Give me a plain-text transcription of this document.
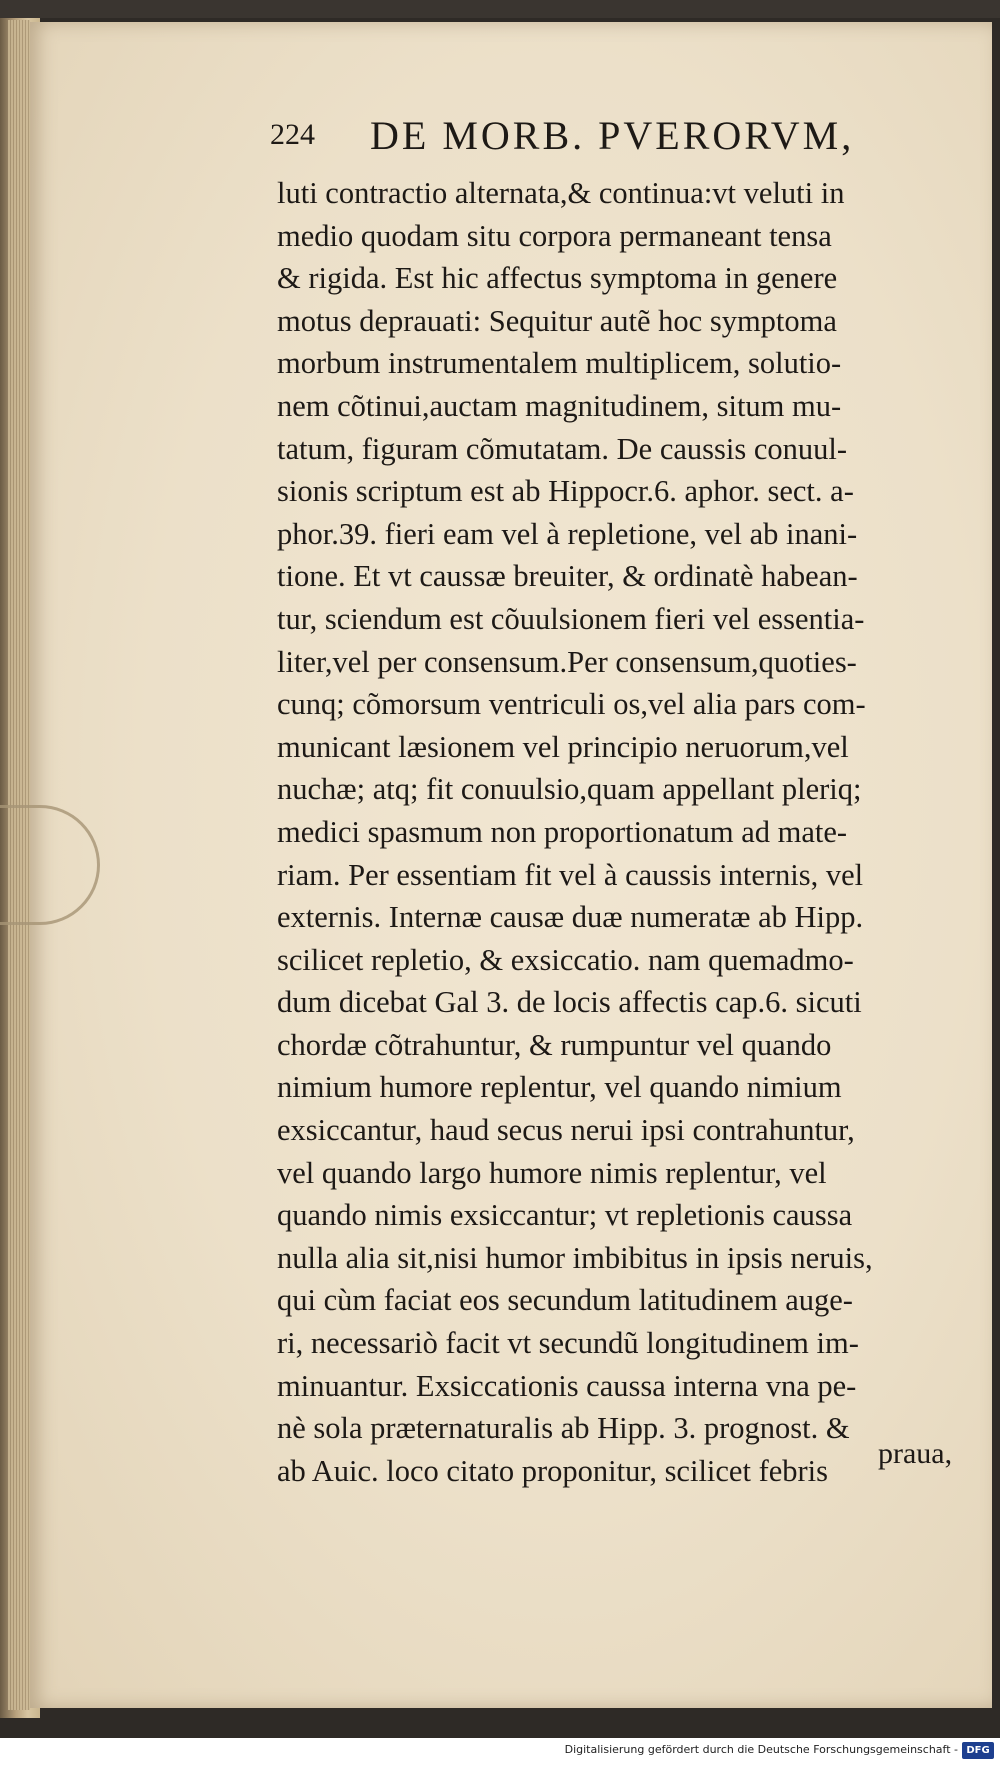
224 DE MORB. PVERORVM,
luti contractio alternata,& continua:vt veluti in
medio quodam situ corpora permaneant tensa
& rigida. Est hic affectus symptoma in genere
motus deprauati: Sequitur autẽ hoc symptoma
morbum instrumentalem multiplicem, solutio-
nem cõtinui,auctam magnitudinem, situm mu-
tatum, figuram cõmutatam. De caussis conuul-
sionis scriptum est ab Hippocr.6. aphor. sect. a-
phor.39. fieri eam vel à repletione, vel ab inani-
tione. Et vt caussæ breuiter, & ordinatè habean-
tur, sciendum est cõuulsionem fieri vel essentia-
liter,vel per consensum.Per consensum,quoties-
cunq; cõmorsum ventriculi os,vel alia pars com-
municant læsionem vel principio neruorum,vel
nuchæ; atq; fit conuulsio,quam appellant pleriq;
medici spasmum non proportionatum ad mate-
riam. Per essentiam fit vel à caussis internis, vel
externis. Internæ causæ duæ numeratæ ab Hipp.
scilicet repletio, & exsiccatio. nam quemadmo-
dum dicebat Gal 3. de locis affectis cap.6. sicuti
chordæ cõtrahuntur, & rumpuntur vel quando
nimium humore replentur, vel quando nimium
exsiccantur, haud secus nerui ipsi contrahuntur,
vel quando largo humore nimis replentur, vel
quando nimis exsiccantur; vt repletionis caussa
nulla alia sit,nisi humor imbibitus in ipsis neruis,
qui cùm faciat eos secundum latitudinem auge-
ri, necessariò facit vt secundũ longitudinem im-
minuantur. Exsiccationis caussa interna vna pe-
nè sola præternaturalis ab Hipp. 3. prognost. &
ab Auic. loco citato proponitur, scilicet febris
praua,
Digitalisierung gefördert durch die Deutsche Forschungsgemeinschaft - DFG
